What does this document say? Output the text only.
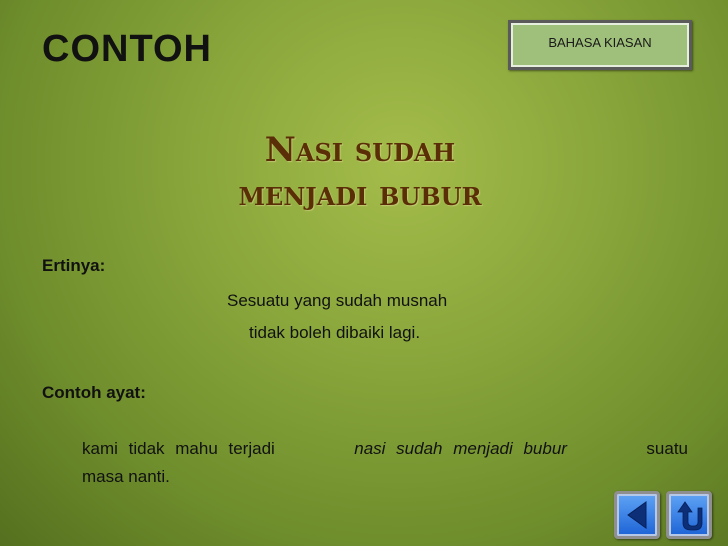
CONTOH	BAHASA KIASAN
Nasi sudah
menjadi bubur
Ertinya:
Sesuatu yang sudah musnah
tidak boleh dibaiki lagi.
Contoh ayat:
kami tidak mahu terjadi	nasi sudah menjadi bubur	suatu
masa nanti.
